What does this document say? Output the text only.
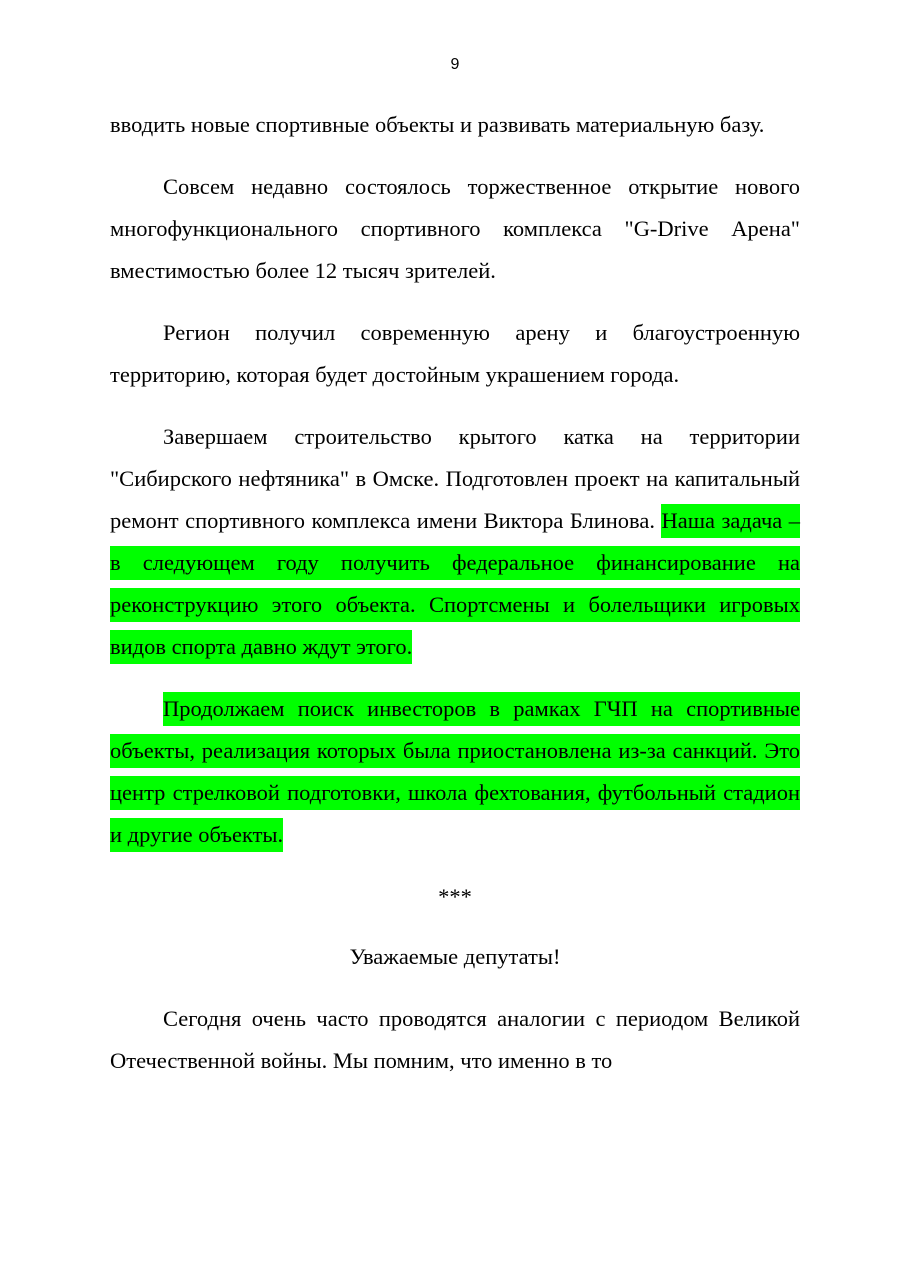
9

вводить новые спортивные объекты и развивать материальную базу.

Совсем недавно состоялось торжественное открытие нового многофункционального спортивного комплекса "G-Drive Арена" вместимостью более 12 тысяч зрителей.

Регион получил современную арену и благоустроенную территорию, которая будет достойным украшением города.

Завершаем строительство крытого катка на территории "Сибирского нефтяника" в Омске. Подготовлен проект на капитальный ремонт спортивного комплекса имени Виктора Блинова. Наша задача – в следующем году получить федеральное финансирование на реконструкцию этого объекта. Спортсмены и болельщики игровых видов спорта давно ждут этого.

Продолжаем поиск инвесторов в рамках ГЧП на спортивные объекты, реализация которых была приостановлена из-за санкций. Это центр стрелковой подготовки, школа фехтования, футбольный стадион и другие объекты.

***

Уважаемые депутаты!

Сегодня очень часто проводятся аналогии с периодом Великой Отечественной войны. Мы помним, что именно в то
